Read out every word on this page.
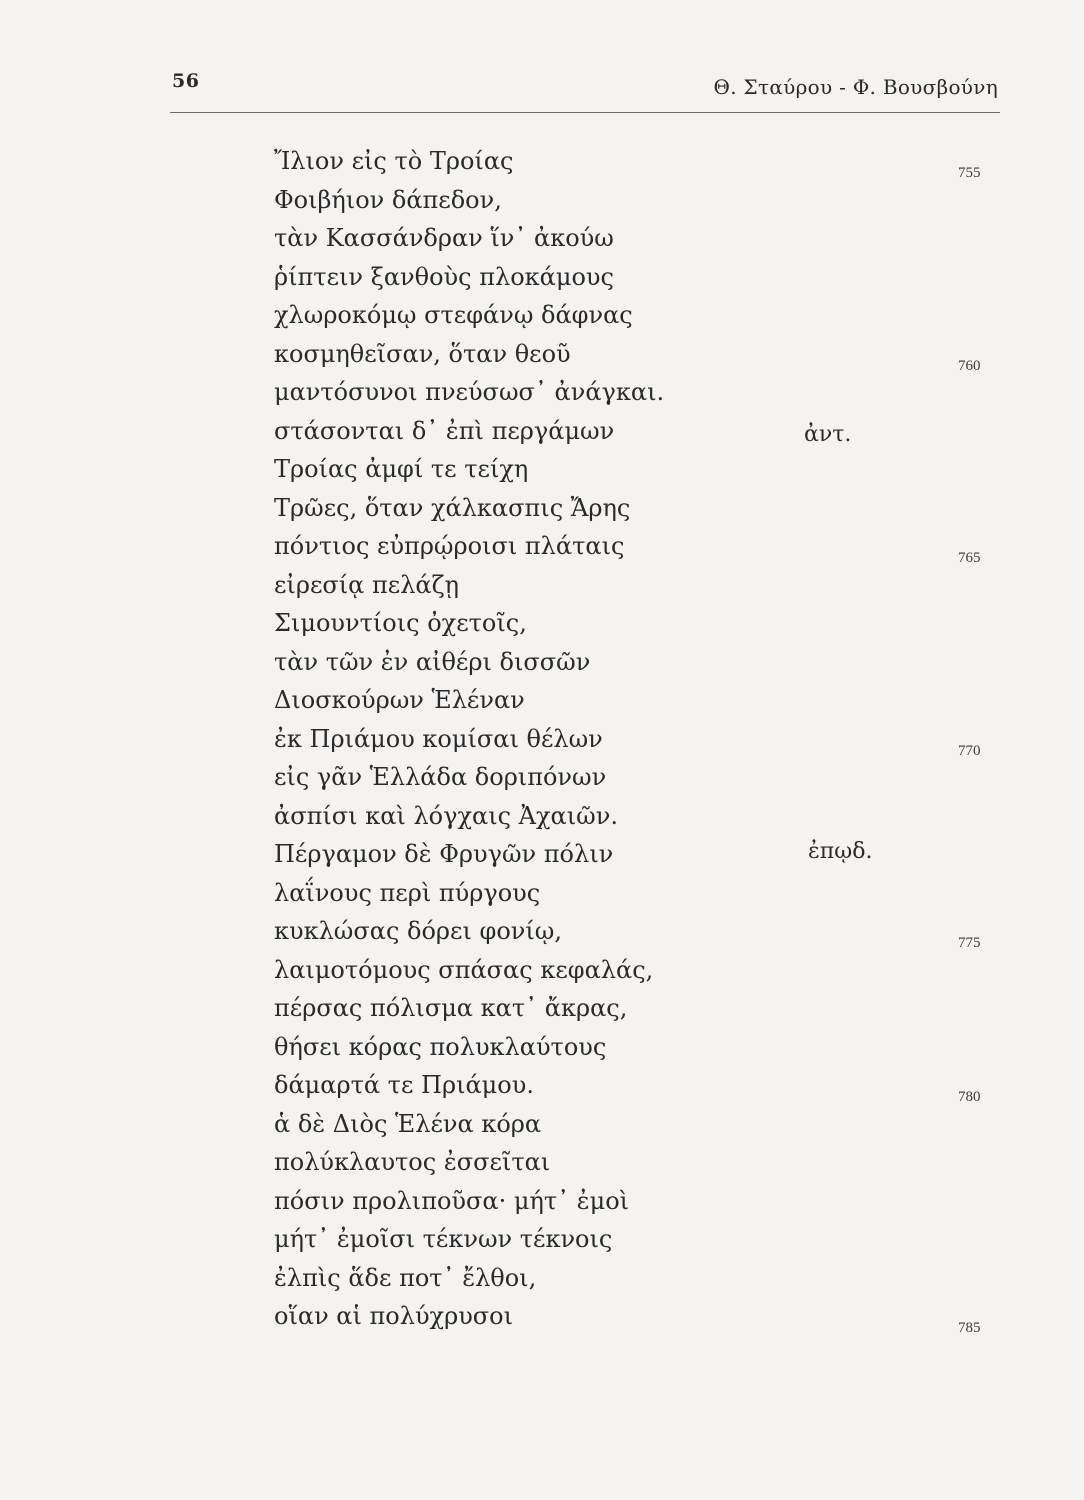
56	Θ. Σταύρου - Φ. Βουσβούνη
Ἴλιον εἰς τὸ Τροίας	755
Φοιβήιον δάπεδον,
τὰν Κασσάνδραν ἵν᾽ ἀκούω
ῥίπτειν ξανθοὺς πλοκάμους
χλωροκόμῳ στεφάνῳ δάφνας
κοσμηθεῖσαν, ὅταν θεοῦ	760
μαντόσυνοι πνεύσωσ᾽ ἀνάγκαι.
στάσονται δ᾽ ἐπὶ περγάμων	ἀντ.
Τροίας ἀμφί τε τείχη
Τρῶες, ὅταν χάλκασπις Ἄρης
πόντιος εὐπρῴροισι πλάταις	765
εἰρεσίᾳ πελάζῃ
Σιμουντίοις ὀχετοῖς,
τὰν τῶν ἐν αἰθέρι δισσῶν
Διοσκούρων Ἑλέναν
ἐκ Πριάμου κομίσαι θέλων	770
εἰς γᾶν Ἑλλάδα δοριπόνων
ἀσπίσι καὶ λόγχαις Ἀχαιῶν.
Πέργαμον δὲ Φρυγῶν πόλιν	ἐπῳδ.
λαΐνους περὶ πύργους
κυκλώσας δόρει φονίῳ,	775
λαιμοτόμους σπάσας κεφαλάς,
πέρσας πόλισμα κατ᾽ ἄκρας,
θήσει κόρας πολυκλαύτους
δάμαρτά τε Πριάμου.	780
ἁ δὲ Διὸς Ἑλένα κόρα
πολύκλαυτος ἐσσεῖται
πόσιν προλιποῦσα· μήτ᾽ ἐμοὶ
μήτ᾽ ἐμοῖσι τέκνων τέκνοις
ἐλπὶς ἅδε ποτ᾽ ἔλθοι,
οἵαν αἱ πολύχρυσοι	785
